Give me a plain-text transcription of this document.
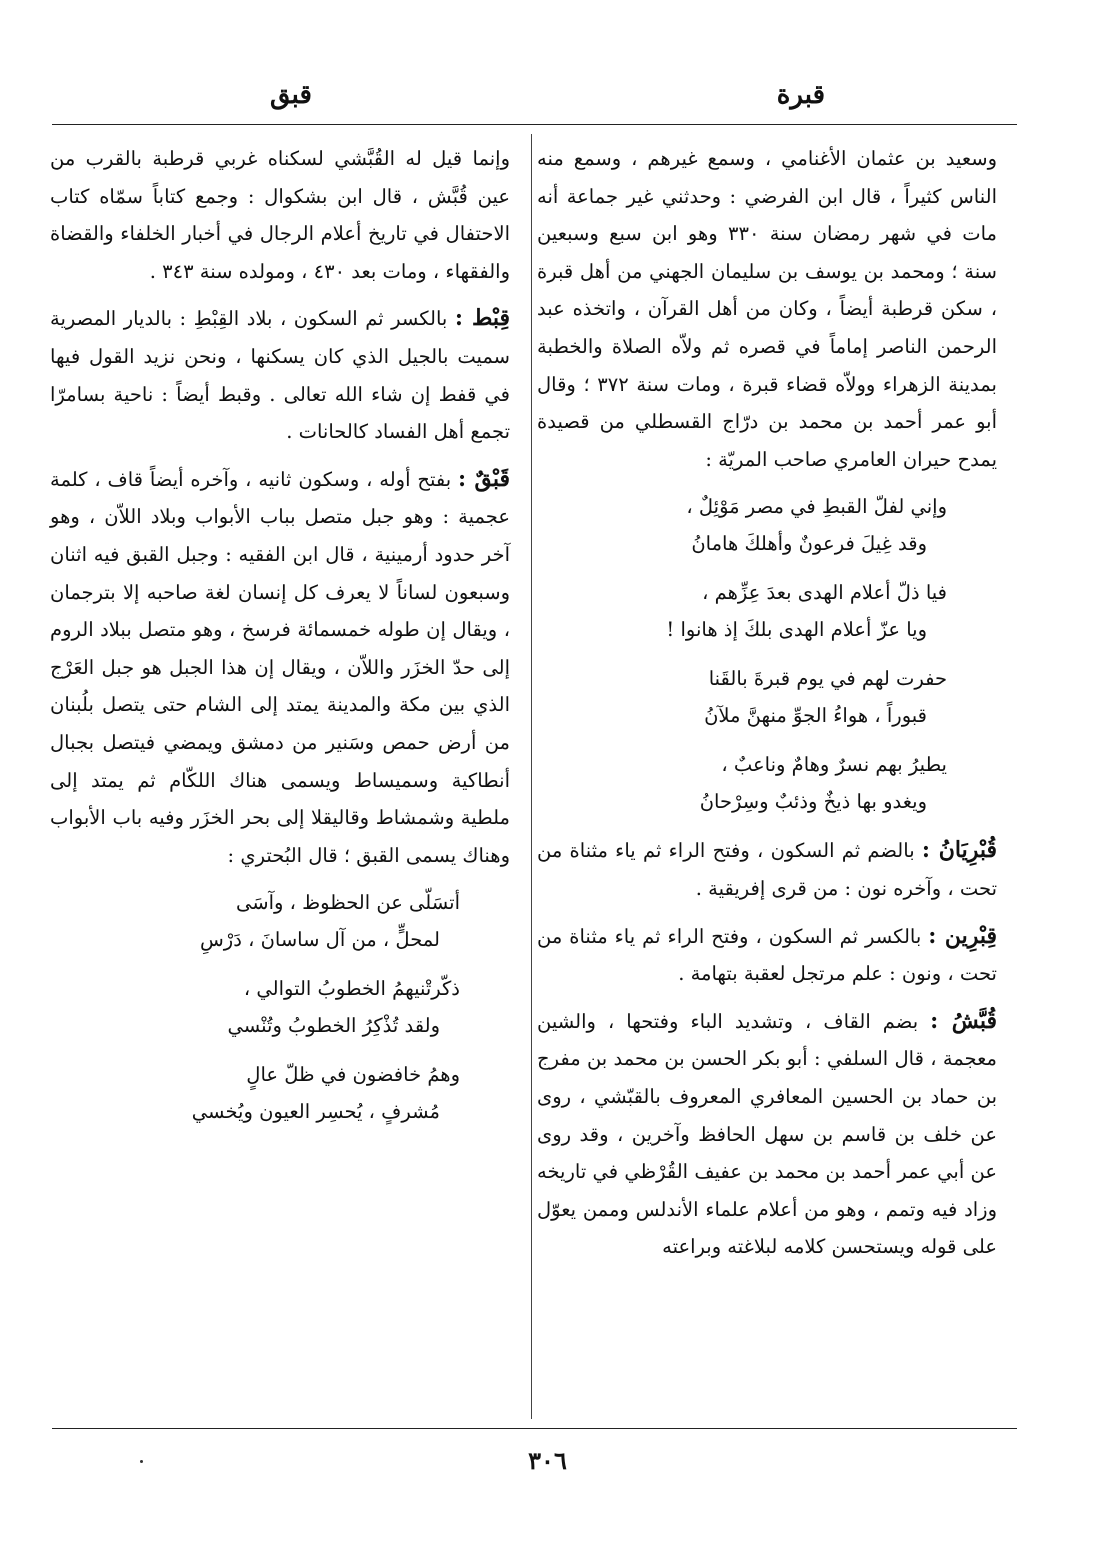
قبرة
قبق

وسعيد بن عثمان الأغنامي ، وسمع غيرهم ، وسمع منه الناس كثيراً ، قال ابن الفرضي : وحدثني غير جماعة أنه مات في شهر رمضان سنة ٣٣٠ وهو ابن سبع وسبعين سنة ؛ ومحمد بن يوسف بن سليمان الجهني من أهل قبرة ، سكن قرطبة أيضاً ، وكان من أهل القرآن ، واتخذه عبد الرحمن الناصر إماماً في قصره ثم ولاّه الصلاة والخطبة بمدينة الزهراء وولاّه قضاء قبرة ، ومات سنة ٣٧٢ ؛ وقال أبو عمر أحمد بن محمد بن درّاج القسطلي من قصيدة يمدح حيران العامري صاحب المريّة :

وإني لفلّ القبطِ في مصر مَوْئِلٌ ،
وقد غِيلَ فرعونٌ وأهلكَ هامانُ
فيا ذلّ أعلام الهدى بعدَ عِزِّهم ،
ويا عزّ أعلام الهدى بلكَ إذ هانوا !
حفرت لهم في يوم قبرةَ بالقَنا
قبوراً ، هواءُ الجوِّ منهنَّ ملآنُ
يطيرُ بهم نسرٌ وهامٌ وناعبٌ ،
ويغدو بها ذيخٌ وذئبٌ وسِرْحانُ

قُبْرِيَانُ : بالضم ثم السكون ، وفتح الراء ثم ياء مثناة من تحت ، وآخره نون : من قرى إفريقية .

قِبْرِين : بالكسر ثم السكون ، وفتح الراء ثم ياء مثناة من تحت ، ونون : علم مرتجل لعقبة بتهامة .

قُبَّشُ : بضم القاف ، وتشديد الباء وفتحها ، والشين معجمة ، قال السلفي : أبو بكر الحسن بن محمد بن مفرج بن حماد بن الحسين المعافري المعروف بالقبّشي ، روى عن خلف بن قاسم بن سهل الحافظ وآخرين ، وقد روى عن أبي عمر أحمد بن محمد بن عفيف القُرْظي في تاريخه وزاد فيه وتمم ، وهو من أعلام علماء الأندلس وممن يعوّل على قوله ويستحسن كلامه لبلاغته وبراعته

وإنما قيل له القُبَّشي لسكناه غربي قرطبة بالقرب من عين قُبَّش ، قال ابن بشكوال : وجمع كتاباً سمّاه كتاب الاحتفال في تاريخ أعلام الرجال في أخبار الخلفاء والقضاة والفقهاء ، ومات بعد ٤٣٠ ، ومولده سنة ٣٤٣ .

قِبْط : بالكسر ثم السكون ، بلاد القِبْطِ : بالديار المصرية سميت بالجيل الذي كان يسكنها ، ونحن نزيد القول فيها في قفط إن شاء الله تعالى . وقبط أيضاً : ناحية بسامرّا تجمع أهل الفساد كالحانات .

قَبْقٌ : بفتح أوله ، وسكون ثانيه ، وآخره أيضاً قاف ، كلمة عجمية : وهو جبل متصل بباب الأبواب وبلاد اللاّن ، وهو آخر حدود أرمينية ، قال ابن الفقيه : وجبل القبق فيه اثنان وسبعون لساناً لا يعرف كل إنسان لغة صاحبه إلا بترجمان ، ويقال إن طوله خمسمائة فرسخ ، وهو متصل ببلاد الروم إلى حدّ الخزَر واللاّن ، ويقال إن هذا الجبل هو جبل العَرْج الذي بين مكة والمدينة يمتد إلى الشام حتى يتصل بلُبنان من أرض حمص وسَنير من دمشق ويمضي فيتصل بجبال أنطاكية وسميساط ويسمى هناك اللكّام ثم يمتد إلى ملطية وشمشاط وقاليقلا إلى بحر الخزَر وفيه باب الأبواب وهناك يسمى القبق ؛ قال البُحتري :

أتسَلّى عن الحظوظ ، وآسَى
لمحلٍّ ، من آل ساسانَ ، دَرْسِ
ذكّرتْنيهمُ الخطوبُ التوالي ،
ولقد تُذْكِرُ الخطوبُ وتُنْسي
وهمُ خافضون في ظلّ عالٍ
مُشرفٍ ، يُحسِر العيون ويُخسي
٣٠٦
